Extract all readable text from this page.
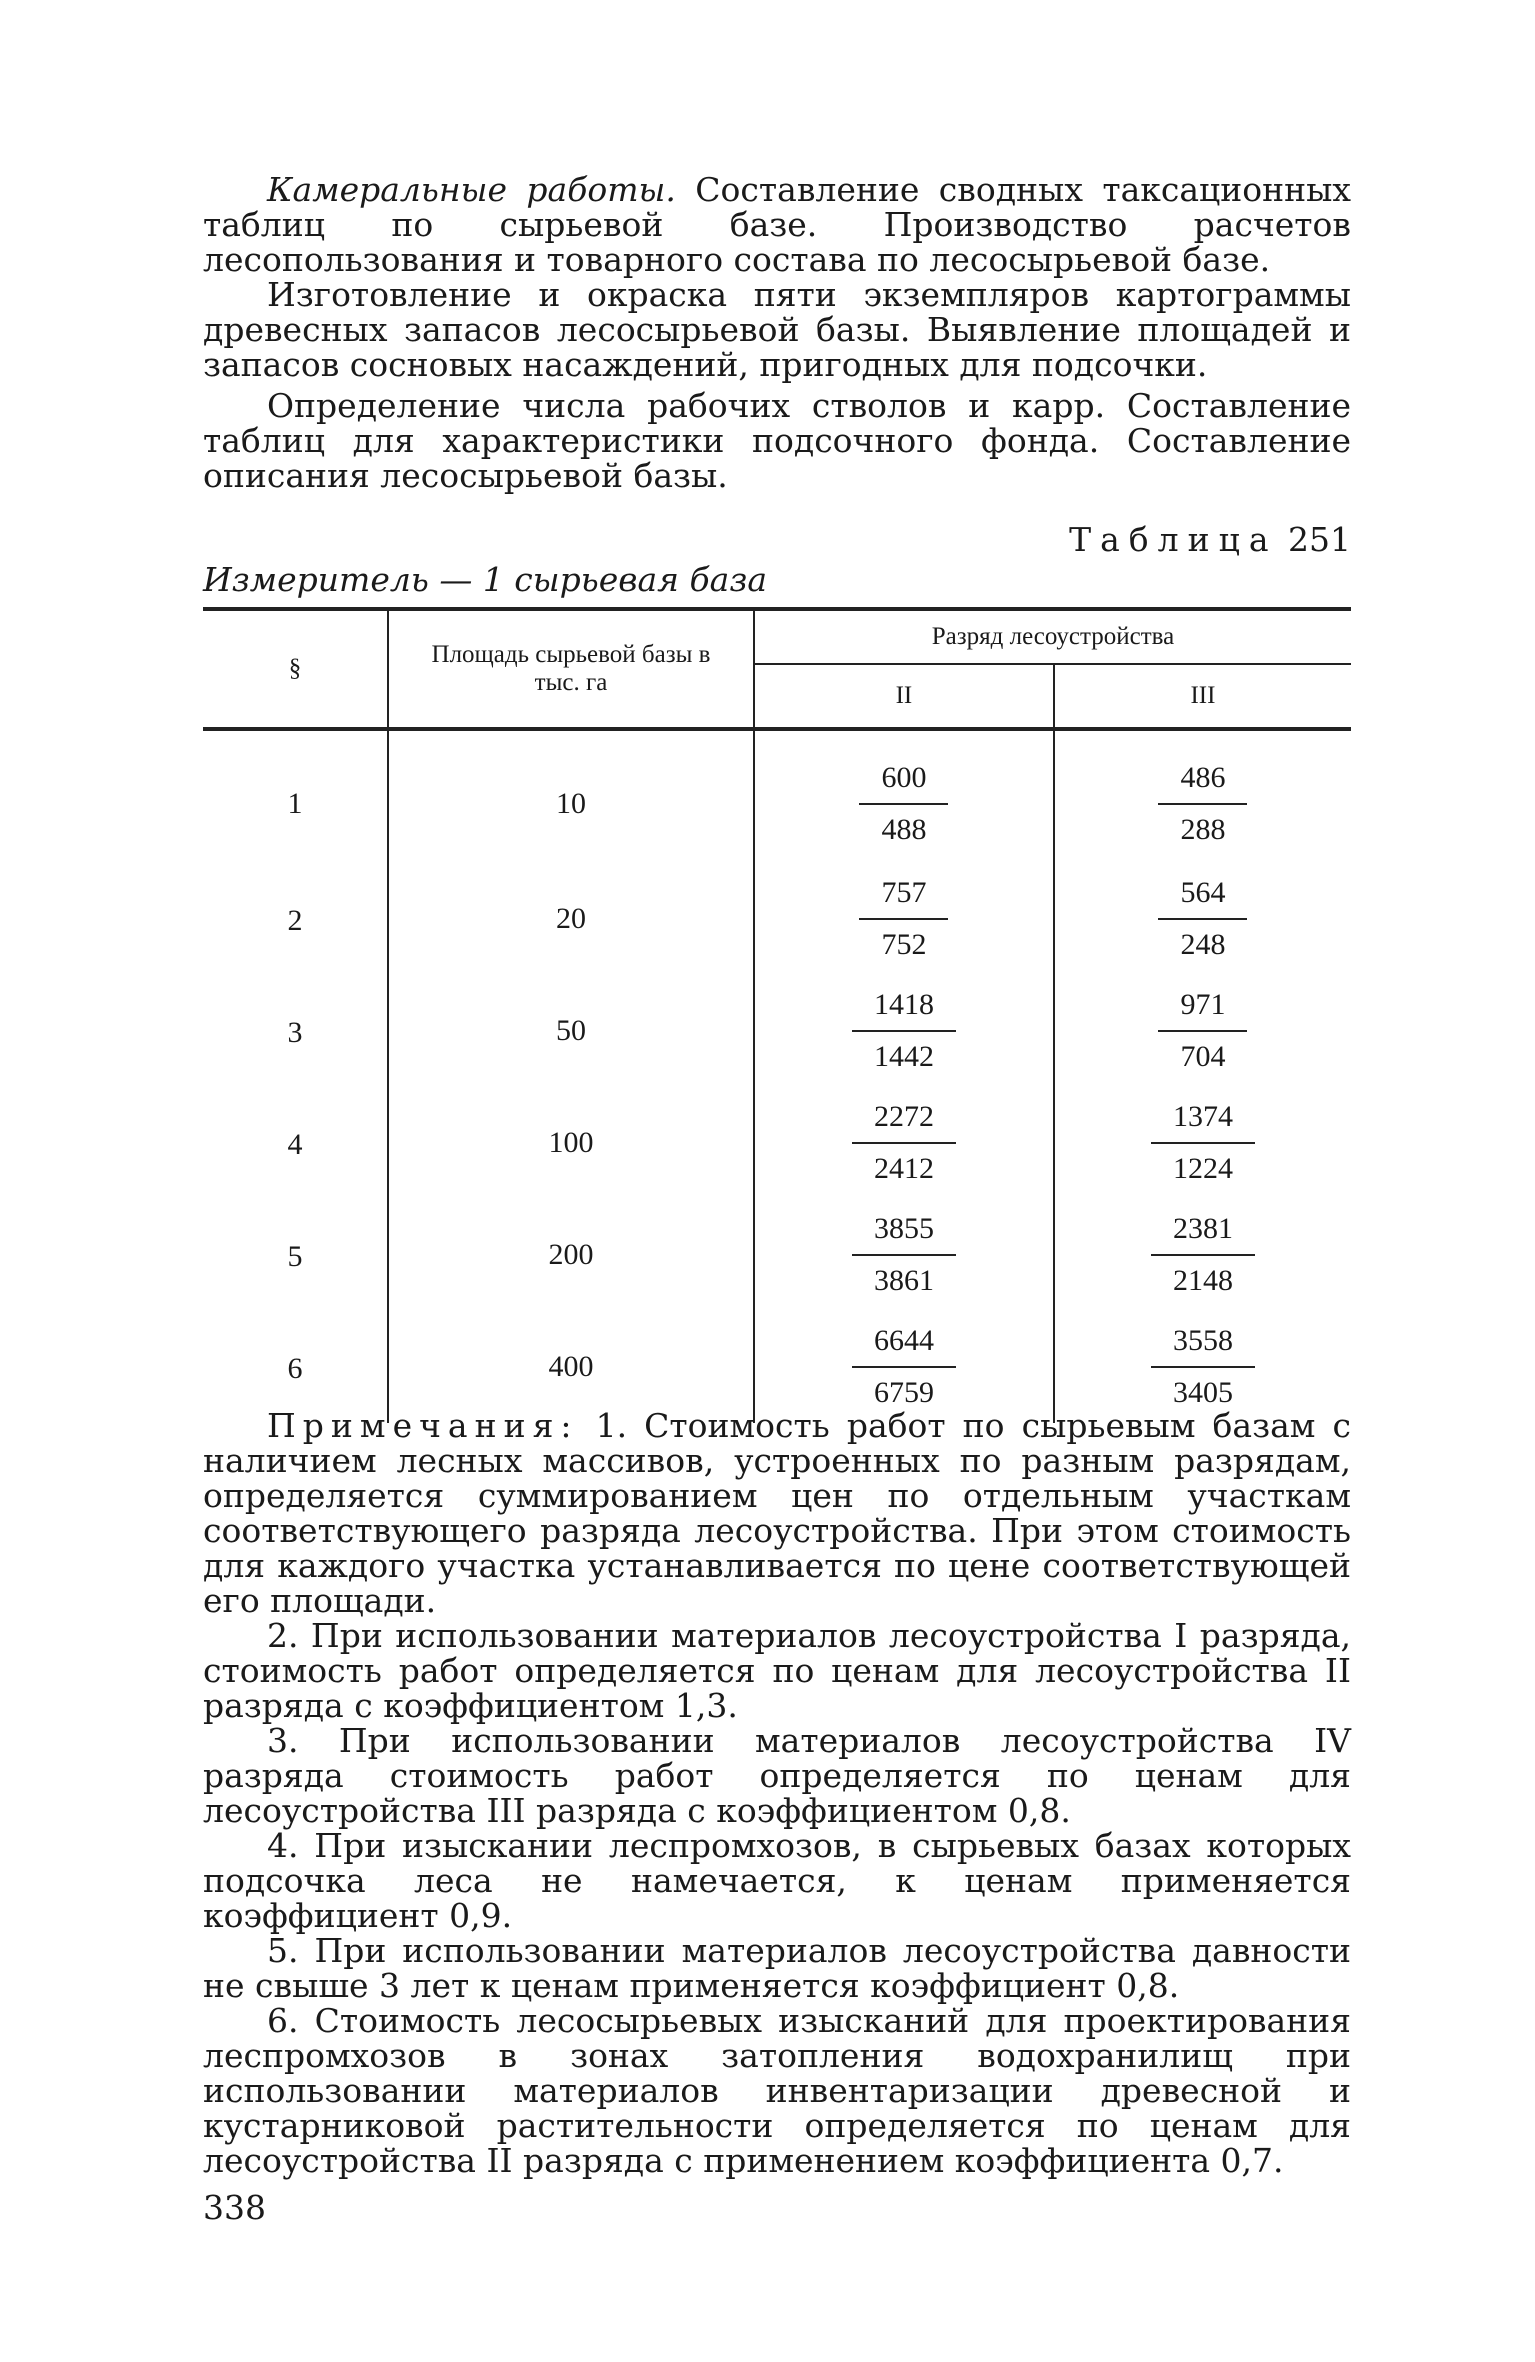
Камеральные работы. Составление сводных таксационных таблиц по сырьевой базе. Производство расчетов лесопользования и товарного состава по лесосырьевой базе.

Изготовление и окраска пяти экземпляров картограммы древесных запасов лесосырьевой базы. Выявление площадей и запасов сосновых насаждений, пригодных для подсочки.

Определение числа рабочих стволов и карр. Составление таблиц для характеристики подсочного фонда. Составление описания лесосырьевой базы.

Таблица 251
Измеритель — 1 сырьевая база
§	Площадь сырьевой базы в тыс. га	Разряд лесоустройства	
		II	III
1	10	$\frac{600}{488}$	$\frac{486}{288}$

2	20	$\frac{757}{752}$	$\frac{564}{248}$

3	50	$\frac{1418}{1442}$	$\frac{971}{704}$

4	100	$\frac{2272}{2412}$	$\frac{1374}{1224}$

5	200	$\frac{3855}{3861}$	$\frac{2381}{2148}$

6	400	$\frac{6644}{6759}$	$\frac{3558}{3405}$

Примечания: 1. Стоимость работ по сырьевым базам с наличием лесных массивов, устроенных по разным разрядам, определяется суммированием цен по отдельным участкам соответствующего разряда лесоустройства. При этом стоимость для каждого участка устанавливается по цене соответствующей его площади.

2. При использовании материалов лесоустройства I разряда, стоимость работ определяется по ценам для лесоустройства II разряда с коэффициентом 1,3.

3. При использовании материалов лесоустройства IV разряда стоимость работ определяется по ценам для лесоустройства III разряда с коэффициентом 0,8.

4. При изыскании леспромхозов, в сырьевых базах которых подсочка леса не намечается, к ценам применяется коэффициент 0,9.

5. При использовании материалов лесоустройства давности не свыше 3 лет к ценам применяется коэффициент 0,8.

6. Стоимость лесосырьевых изысканий для проектирования леспромхозов в зонах затопления водохранилищ при использовании материалов инвентаризации древесной и кустарниковой растительности определяется по ценам для лесоустройства II разряда с применением коэффициента 0,7.

338
